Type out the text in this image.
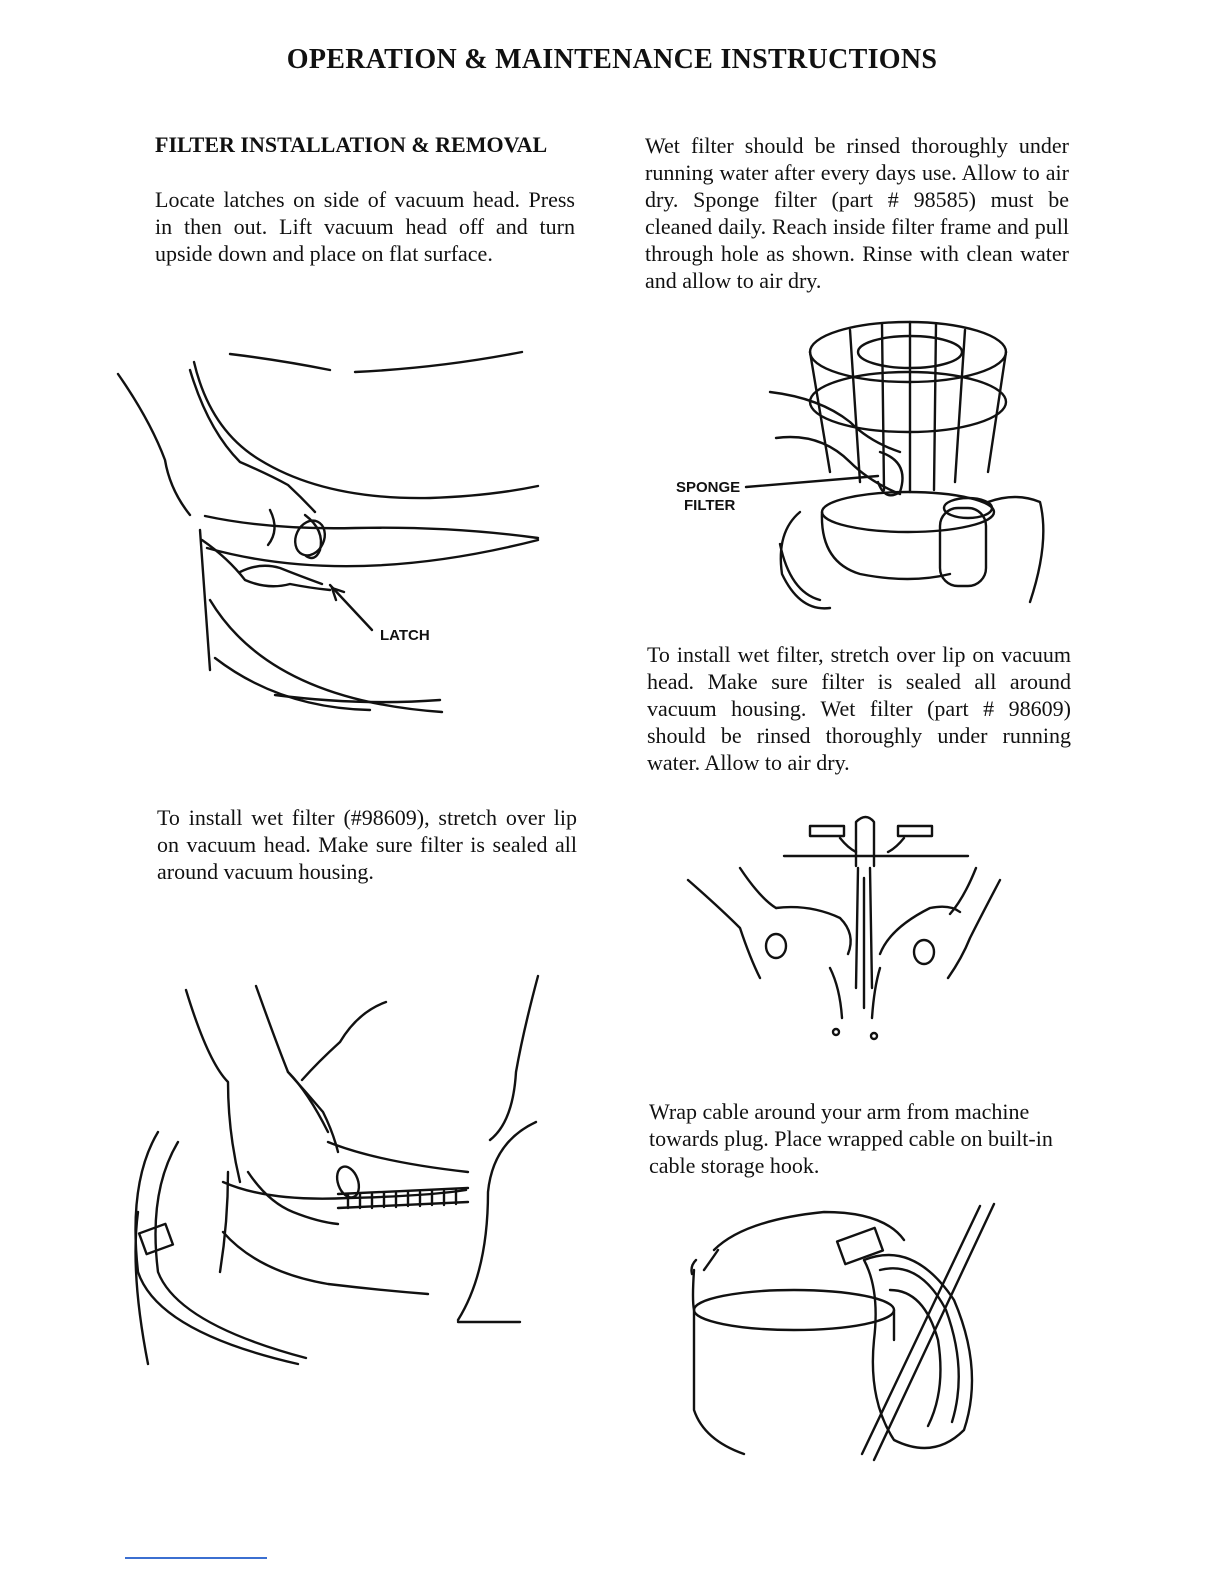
OPERATION & MAINTENANCE INSTRUCTIONS
FILTER INSTALLATION & REMOVAL
Locate latches on side of vacuum head. Press in then out. Lift vacuum head off and turn upside down and place on flat surface.
LATCH
To install wet filter (#98609), stretch over lip on vacuum head. Make sure filter is sealed all around vacuum housing.
Wet filter should be rinsed thoroughly under running water after every days use. Allow to air dry. Sponge filter (part # 98585) must be cleaned daily. Reach inside filter frame and pull through hole as shown. Rinse with clean water and allow to air dry.
SPONGE
FILTER
To install wet filter, stretch over lip on vacuum head. Make sure filter is sealed all around vacuum housing. Wet filter (part # 98609) should be rinsed thoroughly under running water. Allow to air dry.
Wrap cable around your arm from machine towards plug. Place wrapped cable on built-in cable storage hook.
